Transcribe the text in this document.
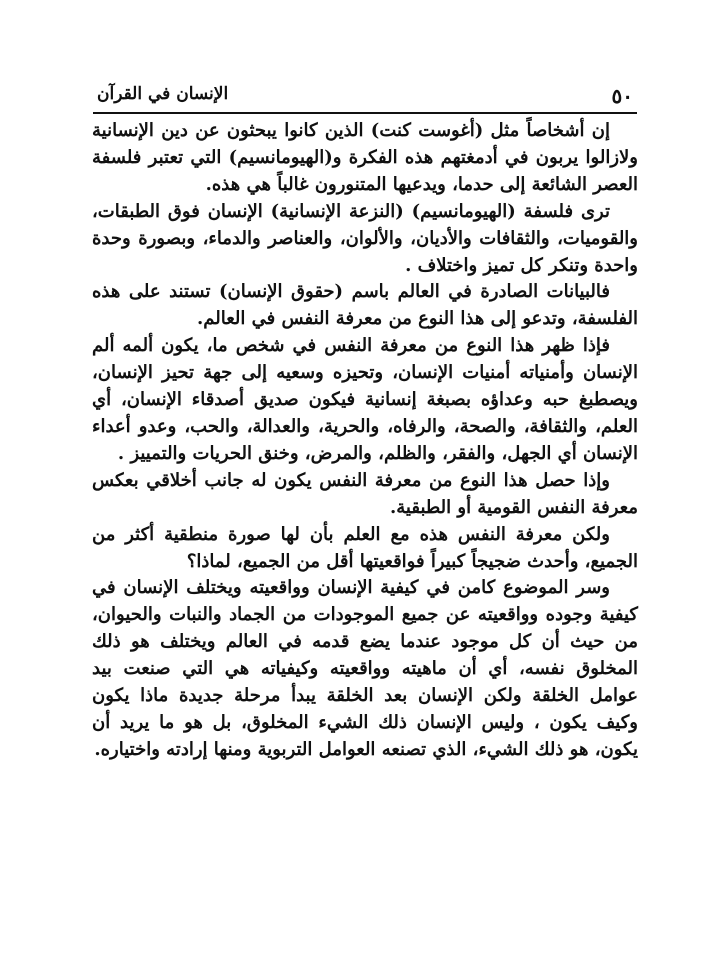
٥٠
الإنسان في القرآن

إن أشخاصاً مثل (أغوست كنت) الذين كانوا يبحثون عن دين الإنسانية ولازالوا يربون في أدمغتهم هذه الفكرة و(الهيومانسيم) التي تعتبر فلسفة العصر الشائعة إلى حدما، ويدعيها المتنورون غالباً هي هذه.

ترى فلسفة (الهيومانسيم) (النزعة الإنسانية) الإنسان فوق الطبقات، والقوميات، والثقافات والأديان، والألوان، والعناصر والدماء، وبصورة وحدة واحدة وتنكر كل تميز واختلاف .

فالبيانات الصادرة في العالم باسم (حقوق الإنسان) تستند على هذه الفلسفة، وتدعو إلى هذا النوع من معرفة النفس في العالم.

فإذا ظهر هذا النوع من معرفة النفس في شخص ما، يكون ألمه ألم الإنسان وأمنياته أمنيات الإنسان، وتحيزه وسعيه إلى جهة تحيز الإنسان، ويصطبغ حبه وعداؤه بصبغة إنسانية فيكون صديق أصدقاء الإنسان، أي العلم، والثقافة، والصحة، والرفاه، والحرية، والعدالة، والحب، وعدو أعداء الإنسان أي الجهل، والفقر، والظلم، والمرض، وخنق الحريات والتمييز .

وإذا حصل هذا النوع من معرفة النفس يكون له جانب أخلاقي بعكس معرفة النفس القومية أو الطبقية.

ولكن معرفة النفس هذه مع العلم بأن لها صورة منطقية أكثر من الجميع، وأحدث ضجيجاً كبيراً فواقعيتها أقل من الجميع، لماذا؟

وسر الموضوع كامن في كيفية الإنسان وواقعيته ويختلف الإنسان في كيفية وجوده وواقعيته عن جميع الموجودات من الجماد والنبات والحيوان، من حيث أن كل موجود عندما يضع قدمه في العالم ويختلف هو ذلك المخلوق نفسه، أي أن ماهيته وواقعيته وكيفياته هي التي صنعت بيد عوامل الخلقة ولكن الإنسان بعد الخلقة يبدأ مرحلة جديدة ماذا يكون وكيف يكون ، وليس الإنسان ذلك الشيء المخلوق، بل هو ما يريد أن يكون، هو ذلك الشيء، الذي تصنعه العوامل التربوية ومنها إرادته واختياره.
